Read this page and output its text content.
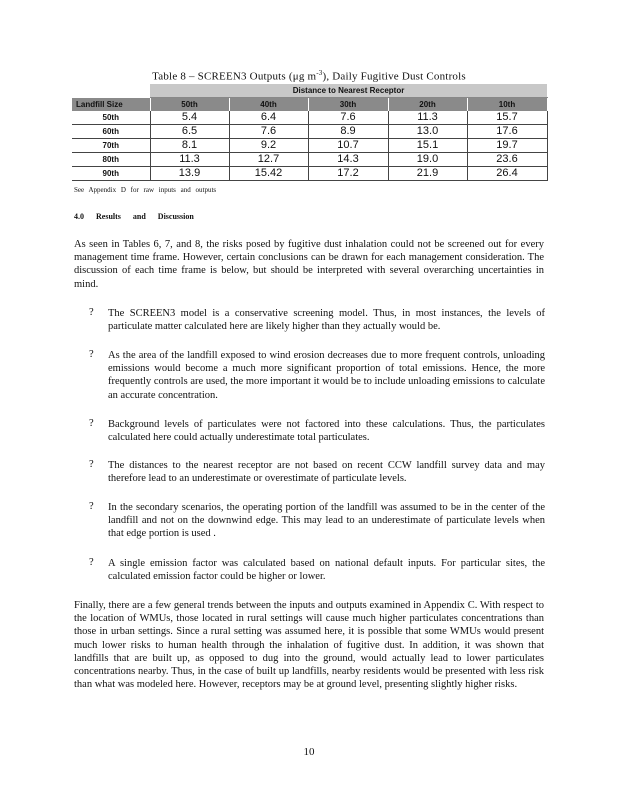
Table 8 – SCREEN3 Outputs (μg $m^{-3}$), Daily Fugitive Dust Controls
	Distance to Nearest Receptor				
Landfill Size	50th	40th	30th	20th	10th
50th	5.4	6.4	7.6	11.3	15.7
60th	6.5	7.6	8.9	13.0	17.6
70th	8.1	9.2	10.7	15.1	19.7
80th	11.3	12.7	14.3	19.0	23.6
90th	13.9	15.42	17.2	21.9	26.4
See Appendix D for raw inputs and outputs
4.0 Results and Discussion
As seen in Tables 6, 7, and 8, the risks posed by fugitive dust inhalation could not be screened out for every management time frame. However, certain conclusions can be drawn for each management consideration. The discussion of each time frame is below, but should be interpreted with several overarching uncertainties in mind.
? The SCREEN3 model is a conservative screening model. Thus, in most instances, the levels of particulate matter calculated here are likely higher than they actually would be.
? As the area of the landfill exposed to wind erosion decreases due to more frequent controls, unloading emissions would become a much more significant proportion of total emissions. Hence, the more frequently controls are used, the more important it would be to include unloading emissions to calculate an accurate concentration.
? Background levels of particulates were not factored into these calculations. Thus, the particulates calculated here could actually underestimate total particulates.
? The distances to the nearest receptor are not based on recent CCW landfill survey data and may therefore lead to an underestimate or overestimate of particulate levels.
? In the secondary scenarios, the operating portion of the landfill was assumed to be in the center of the landfill and not on the downwind edge. This may lead to an underestimate of particulate levels when that edge portion is used .
? A single emission factor was calculated based on national default inputs. For particular sites, the calculated emission factor could be higher or lower.
Finally, there are a few general trends between the inputs and outputs examined in Appendix C. With respect to the location of WMUs, those located in rural settings will cause much higher particulates concentrations than those in urban settings. Since a rural setting was assumed here, it is possible that some WMUs would present much lower risks to human health through the inhalation of fugitive dust. In addition, it was shown that landfills that are built up, as opposed to dug into the ground, would actually lead to lower particulates concentrations nearby. Thus, in the case of built up landfills, nearby residents would be presented with less risk than what was modeled here. However, receptors may be at ground level, presenting slightly higher risks.
10
